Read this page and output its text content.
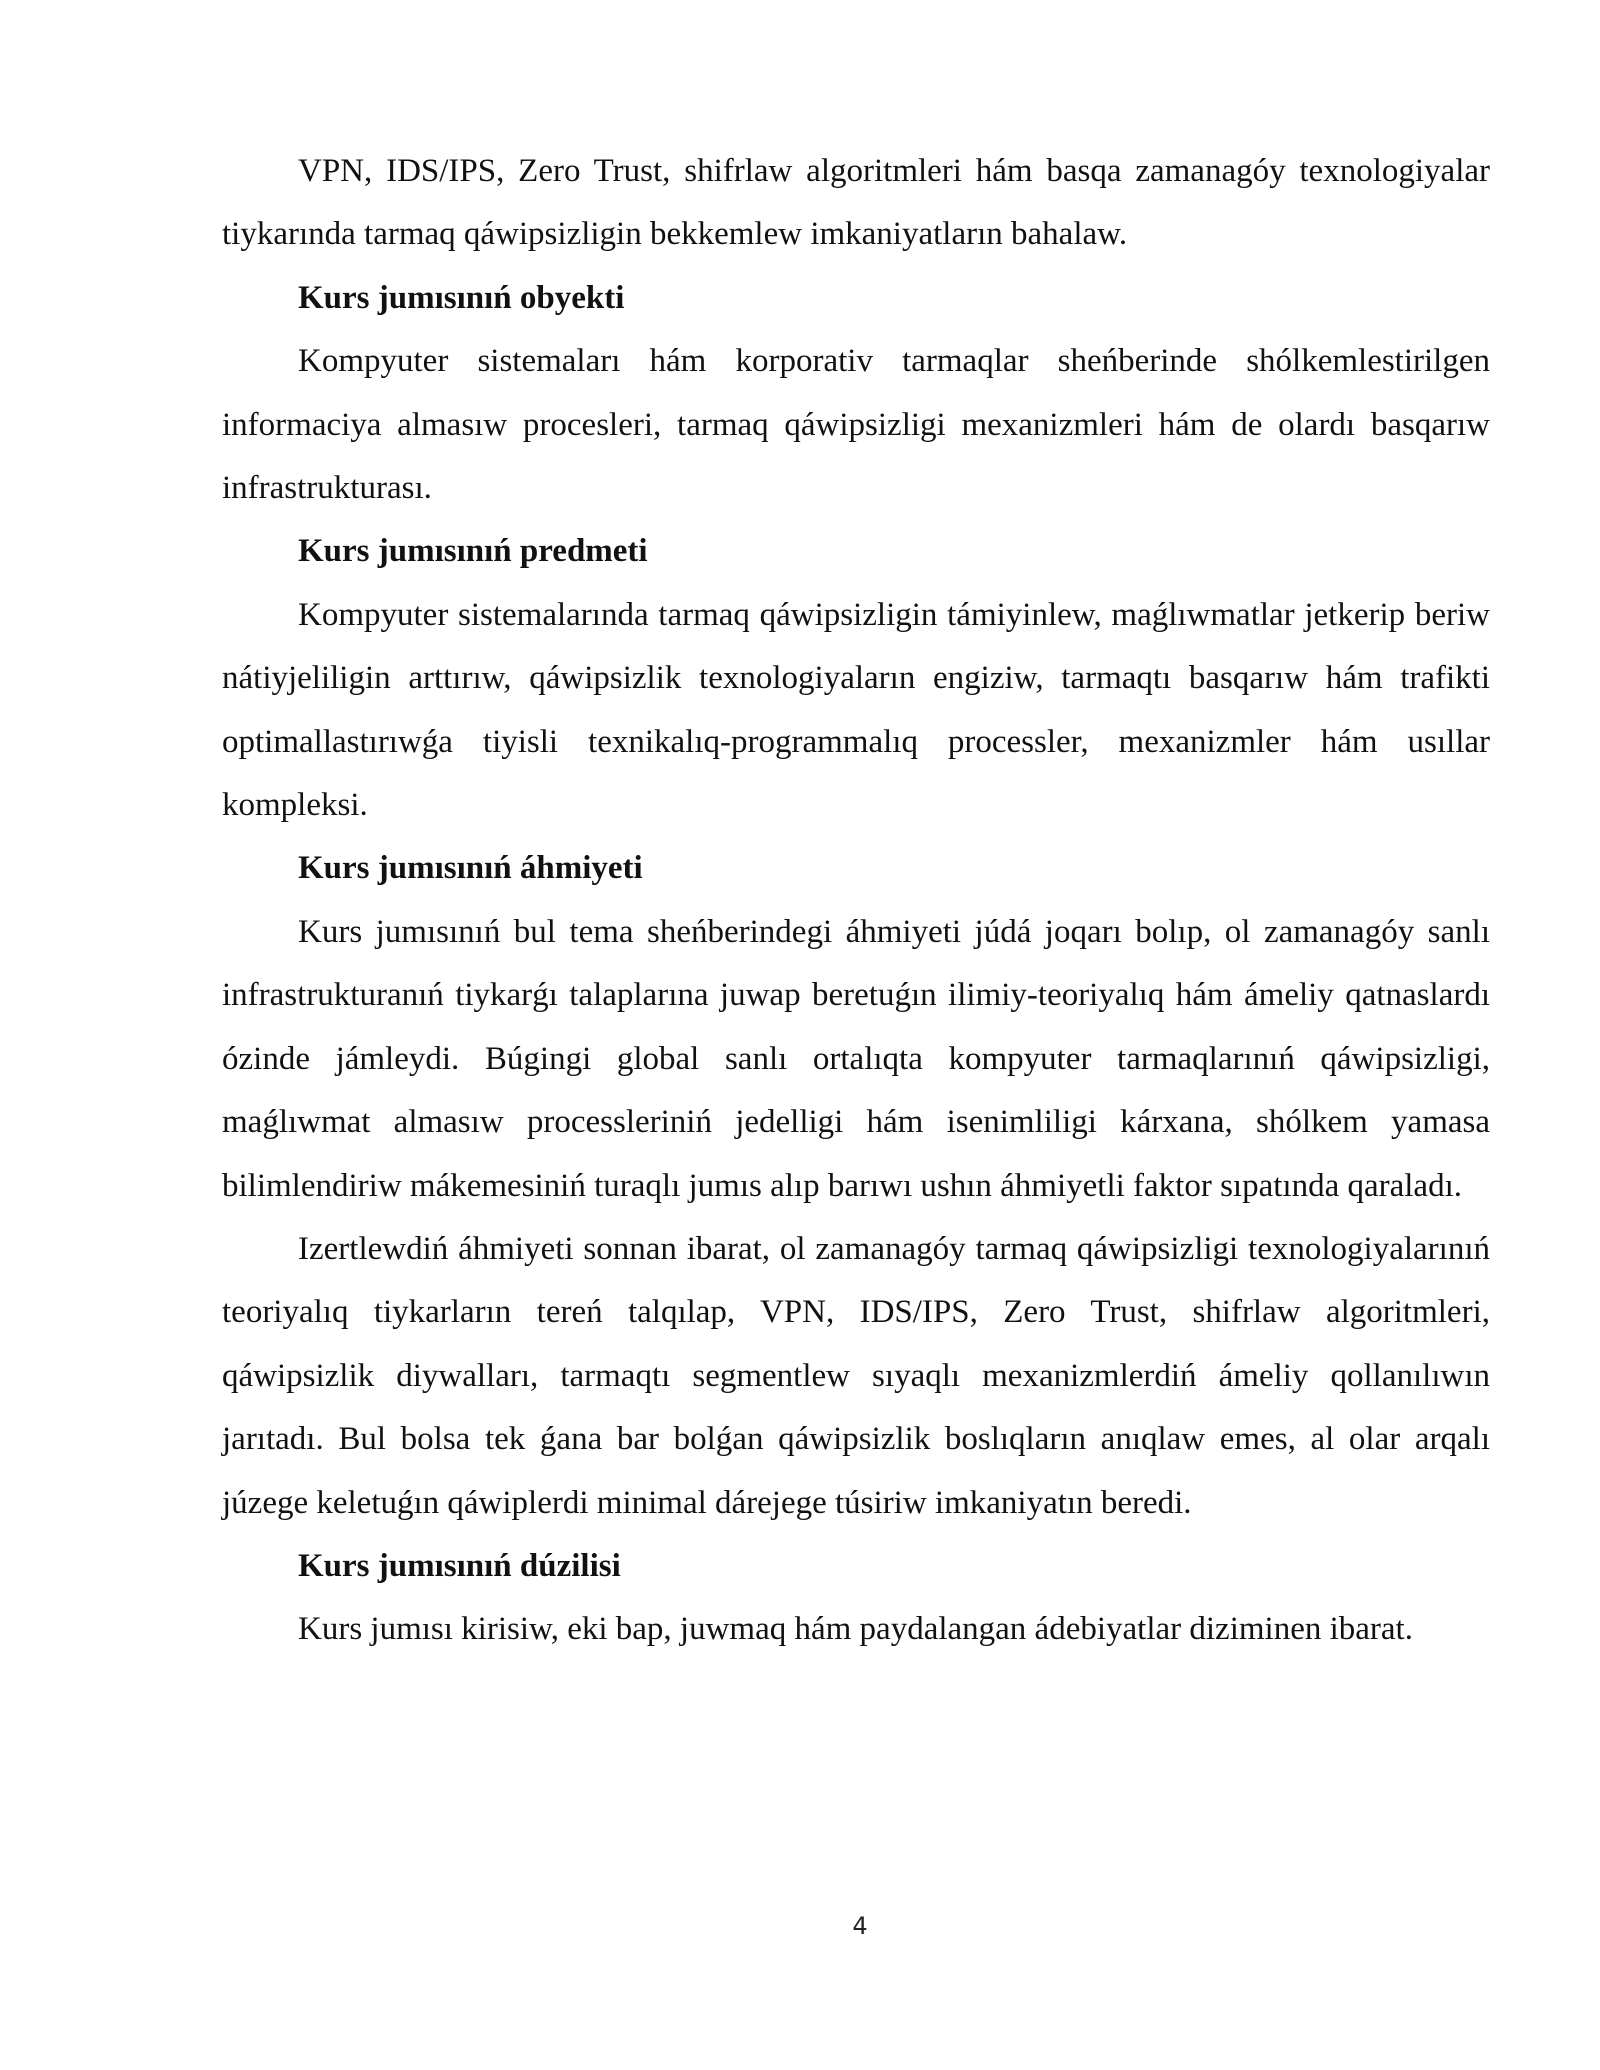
VPN, IDS/IPS, Zero Trust, shifrlaw algoritmleri hám basqa zamanagóy texnologiyalar tiykarında tarmaq qáwipsizligin bekkemlew imkaniyatların bahalaw.

Kurs jumısınıń obyekti

Kompyuter sistemaları hám korporativ tarmaqlar sheńberinde shólkemlestirilgen informaciya almasıw procesleri, tarmaq qáwipsizligi mexanizmleri hám de olardı basqarıw infrastrukturası.

Kurs jumısınıń predmeti

Kompyuter sistemalarında tarmaq qáwipsizligin támiyinlew, maǵlıwmatlar jetkerip beriw nátiyjeliligin arttırıw, qáwipsizlik texnologiyaların engiziw, tarmaqtı basqarıw hám trafikti optimallastırıwǵa tiyisli texnikalıq-programmalıq processler, mexanizmler hám usıllar kompleksi.

Kurs jumısınıń áhmiyeti

Kurs jumısınıń bul tema sheńberindegi áhmiyeti júdá joqarı bolıp, ol zamanagóy sanlı infrastrukturanıń tiykarǵı talaplarına juwap beretuǵın ilimiy-teoriyalıq hám ámeliy qatnaslardı ózinde jámleydi. Búgingi global sanlı ortalıqta kompyuter tarmaqlarınıń qáwipsizligi, maǵlıwmat almasıw processleriniń jedelligi hám isenimliligi kárxana, shólkem yamasa bilimlendiriw mákemesiniń turaqlı jumıs alıp barıwı ushın áhmiyetli faktor sıpatında qaraladı.

Izertlewdiń áhmiyeti sonnan ibarat, ol zamanagóy tarmaq qáwipsizligi texnologiyalarınıń teoriyalıq tiykarların tereń talqılap, VPN, IDS/IPS, Zero Trust, shifrlaw algoritmleri, qáwipsizlik diywalları, tarmaqtı segmentlew sıyaqlı mexanizmlerdiń ámeliy qollanılıwın jarıtadı. Bul bolsa tek ǵana bar bolǵan qáwipsizlik boslıqların anıqlaw emes, al olar arqalı júzege keletuǵın qáwiplerdi minimal dárejege túsiriw imkaniyatın beredi.

Kurs jumısınıń dúzilisi

Kurs jumısı kirisiw, eki bap, juwmaq hám paydalangan ádebiyatlar diziminen ibarat.

4
